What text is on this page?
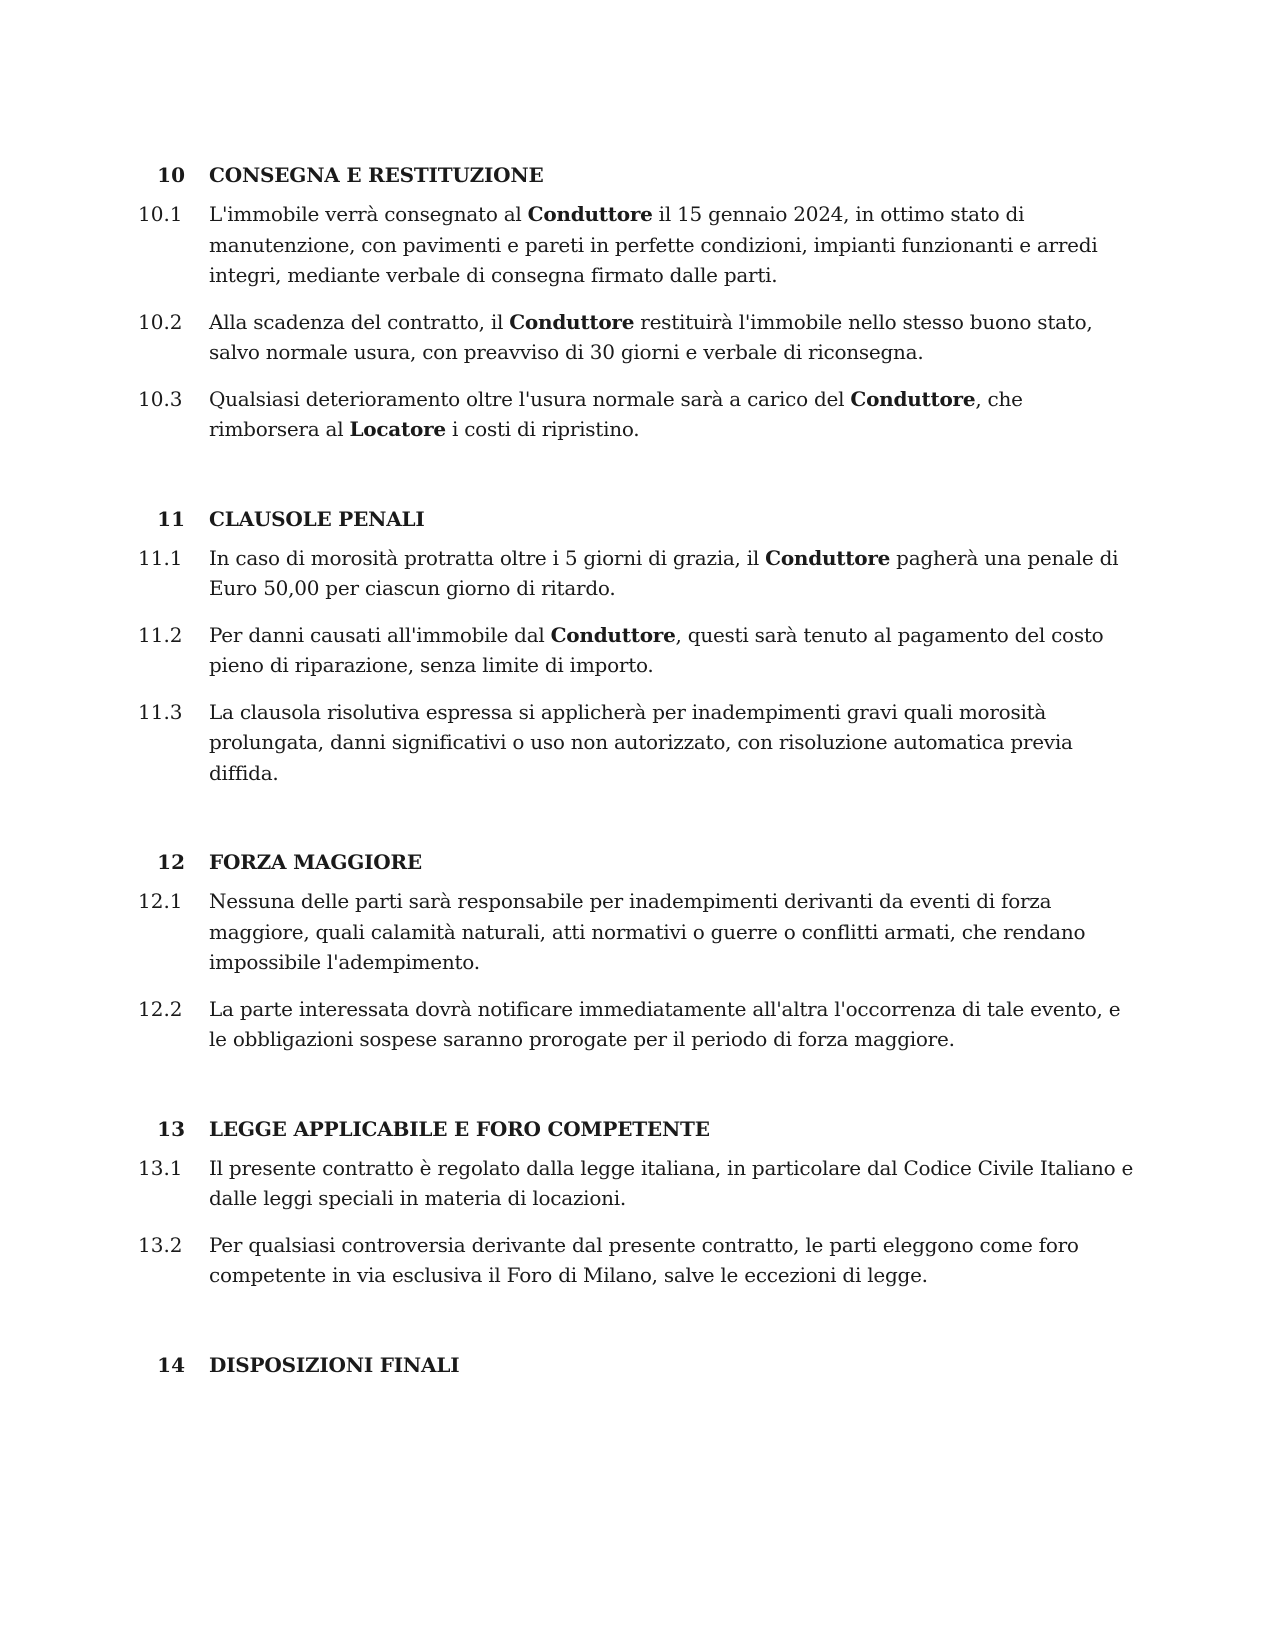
10 CONSEGNA E RESTITUZIONE
10.1 L'immobile verrà consegnato al Conduttore il 15 gennaio 2024, in ottimo stato di manutenzione, con pavimenti e pareti in perfette condizioni, impianti funzionanti e arredi integri, mediante verbale di consegna firmato dalle parti.
10.2 Alla scadenza del contratto, il Conduttore restituirà l'immobile nello stesso buono stato, salvo normale usura, con preavviso di 30 giorni e verbale di riconsegna.
10.3 Qualsiasi deterioramento oltre l'usura normale sarà a carico del Conduttore, che rimborsera al Locatore i costi di ripristino.
11 CLAUSOLE PENALI
11.1 In caso di morosità protratta oltre i 5 giorni di grazia, il Conduttore pagherà una penale di Euro 50,00 per ciascun giorno di ritardo.
11.2 Per danni causati all'immobile dal Conduttore, questi sarà tenuto al pagamento del costo pieno di riparazione, senza limite di importo.
11.3 La clausola risolutiva espressa si applicherà per inadempimenti gravi quali morosità prolungata, danni significativi o uso non autorizzato, con risoluzione automatica previa diffida.
12 FORZA MAGGIORE
12.1 Nessuna delle parti sarà responsabile per inadempimenti derivanti da eventi di forza maggiore, quali calamità naturali, atti normativi o guerre o conflitti armati, che rendano impossibile l'adempimento.
12.2 La parte interessata dovrà notificare immediatamente all'altra l'occorrenza di tale evento, e le obbligazioni sospese saranno prorogate per il periodo di forza maggiore.
13 LEGGE APPLICABILE E FORO COMPETENTE
13.1 Il presente contratto è regolato dalla legge italiana, in particolare dal Codice Civile Italiano e dalle leggi speciali in materia di locazioni.
13.2 Per qualsiasi controversia derivante dal presente contratto, le parti eleggono come foro competente in via esclusiva il Foro di Milano, salve le eccezioni di legge.
14 DISPOSIZIONI FINALI
